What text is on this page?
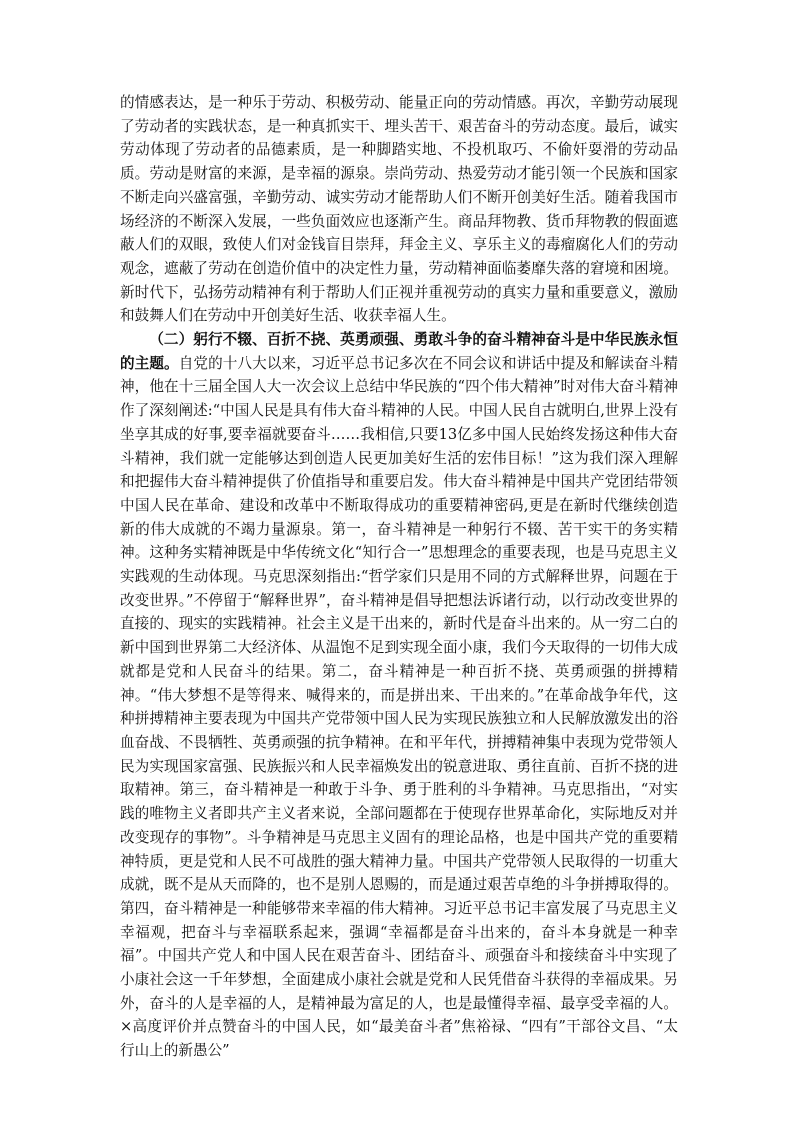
的情感表达，是一种乐于劳动、积极劳动、能量正向的劳动情感。再次，辛勤劳动展现了劳动者的实践状态，是一种真抓实干、埋头苦干、艰苦奋斗的劳动态度。最后，诚实劳动体现了劳动者的品德素质，是一种脚踏实地、不投机取巧、不偷奸耍滑的劳动品质。劳动是财富的来源，是幸福的源泉。崇尚劳动、热爱劳动才能引领一个民族和国家不断走向兴盛富强，辛勤劳动、诚实劳动才能帮助人们不断开创美好生活。随着我国市场经济的不断深入发展，一些负面效应也逐渐产生。商品拜物教、货币拜物教的假面遮蔽人们的双眼，致使人们对金钱盲目崇拜，拜金主义、享乐主义的毒瘤腐化人们的劳动观念，遮蔽了劳动在创造价值中的决定性力量，劳动精神面临萎靡失落的窘境和困境。新时代下，弘扬劳动精神有利于帮助人们正视并重视劳动的真实力量和重要意义，激励和鼓舞人们在劳动中开创美好生活、收获幸福人生。

（二）躬行不辍、百折不挠、英勇顽强、勇敢斗争的奋斗精神奋斗是中华民族永恒的主题。自党的十八大以来，习近平总书记多次在不同会议和讲话中提及和解读奋斗精神，他在十三届全国人大一次会议上总结中华民族的“四个伟大精神”时对伟大奋斗精神作了深刻阐述:“中国人民是具有伟大奋斗精神的人民。中国人民自古就明白,世界上没有坐享其成的好事,要幸福就要奋斗……我相信,只要13亿多中国人民始终发扬这种伟大奋斗精神，我们就一定能够达到创造人民更加美好生活的宏伟目标！”这为我们深入理解和把握伟大奋斗精神提供了价值指导和重要启发。伟大奋斗精神是中国共产党团结带领中国人民在革命、建设和改革中不断取得成功的重要精神密码,更是在新时代继续创造新的伟大成就的不竭力量源泉。第一，奋斗精神是一种躬行不辍、苦干实干的务实精神。这种务实精神既是中华传统文化“知行合一”思想理念的重要表现，也是马克思主义实践观的生动体现。马克思深刻指出:“哲学家们只是用不同的方式解释世界，问题在于改变世界。”不停留于“解释世界”，奋斗精神是倡导把想法诉诸行动，以行动改变世界的直接的、现实的实践精神。社会主义是干出来的，新时代是奋斗出来的。从一穷二白的新中国到世界第二大经济体、从温饱不足到实现全面小康，我们今天取得的一切伟大成就都是党和人民奋斗的结果。第二，奋斗精神是一种百折不挠、英勇顽强的拼搏精神。“伟大梦想不是等得来、喊得来的，而是拼出来、干出来的。”在革命战争年代，这种拼搏精神主要表现为中国共产党带领中国人民为实现民族独立和人民解放激发出的浴血奋战、不畏牺牲、英勇顽强的抗争精神。在和平年代，拼搏精神集中表现为党带领人民为实现国家富强、民族振兴和人民幸福焕发出的锐意进取、勇往直前、百折不挠的进取精神。第三，奋斗精神是一种敢于斗争、勇于胜利的斗争精神。马克思指出，“对实践的唯物主义者即共产主义者来说，全部问题都在于使现存世界革命化，实际地反对并改变现存的事物”。斗争精神是马克思主义固有的理论品格，也是中国共产党的重要精神特质，更是党和人民不可战胜的强大精神力量。中国共产党带领人民取得的一切重大成就，既不是从天而降的，也不是别人恩赐的，而是通过艰苦卓绝的斗争拼搏取得的。第四，奋斗精神是一种能够带来幸福的伟大精神。习近平总书记丰富发展了马克思主义幸福观，把奋斗与幸福联系起来，强调“幸福都是奋斗出来的，奋斗本身就是一种幸福”。中国共产党人和中国人民在艰苦奋斗、团结奋斗、顽强奋斗和接续奋斗中实现了小康社会这一千年梦想，全面建成小康社会就是党和人民凭借奋斗获得的幸福成果。另外，奋斗的人是幸福的人，是精神最为富足的人，也是最懂得幸福、最享受幸福的人。×高度评价并点赞奋斗的中国人民，如“最美奋斗者”焦裕禄、“四有”干部谷文昌、“太行山上的新愚公”
